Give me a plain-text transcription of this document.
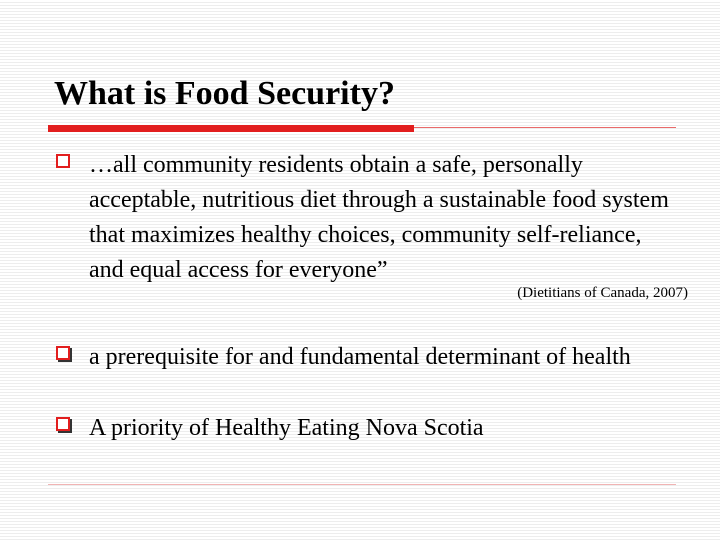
What is Food Security?
…all community residents obtain a safe, personally acceptable, nutritious diet through a sustainable food system that maximizes healthy choices, community self-reliance, and equal access for everyone”
(Dietitians of Canada, 2007)
a prerequisite for and fundamental determinant of health
A priority of Healthy Eating Nova Scotia
